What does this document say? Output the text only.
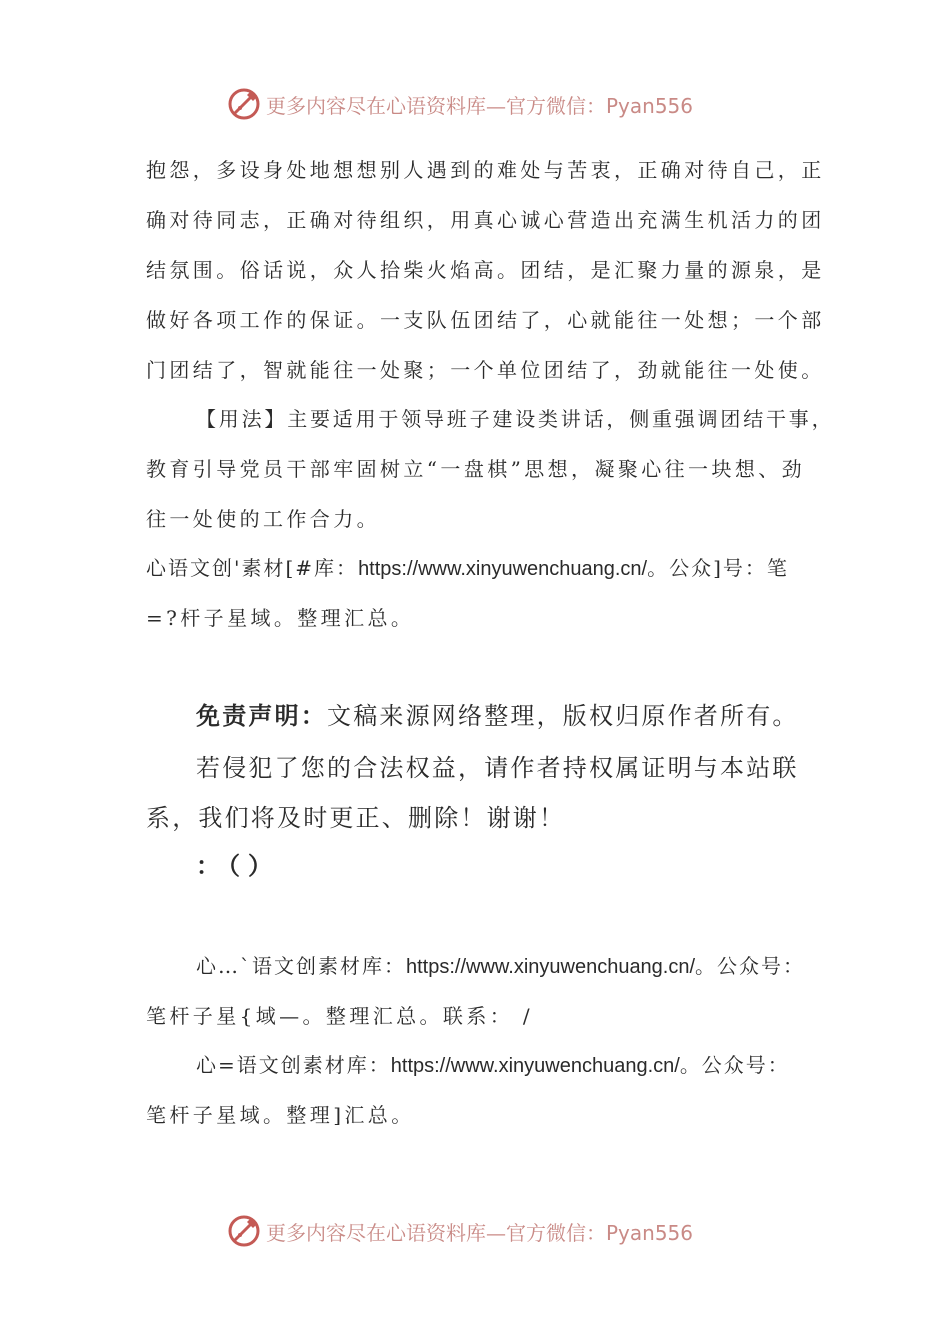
更多内容尽在心语资料库—官方微信：Pyan556
抱怨，多设身处地想想别人遇到的难处与苦衷，正确对待自己，正
确对待同志，正确对待组织，用真心诚心营造出充满生机活力的团
结氛围。俗话说，众人拾柴火焰高。团结，是汇聚力量的源泉，是
做好各项工作的保证。一支队伍团结了，心就能往一处想；一个部
门团结了，智就能往一处聚；一个单位团结了，劲就能往一处使。
【用法】主要适用于领导班子建设类讲话，侧重强调团结干事，
教育引导党员干部牢固树立“一盘棋”思想，凝聚心往一块想、劲
往一处使的工作合力。
心语文创'素材[#库：https://www.xinyuwenchuang.cn/。公众]号：笔
=?杆子星域。整理汇总。
免责声明：文稿来源网络整理，版权归原作者所有。
若侵犯了您的合法权益，请作者持权属证明与本站联
系，我们将及时更正、删除！谢谢！
：（）
心…`语文创素材库：https://www.xinyuwenchuang.cn/。公众号：
笔杆子星{域—。整理汇总。联系： /
心=语文创素材库：https://www.xinyuwenchuang.cn/。公众号：
笔杆子星域。整理]汇总。
更多内容尽在心语资料库—官方微信：Pyan556
